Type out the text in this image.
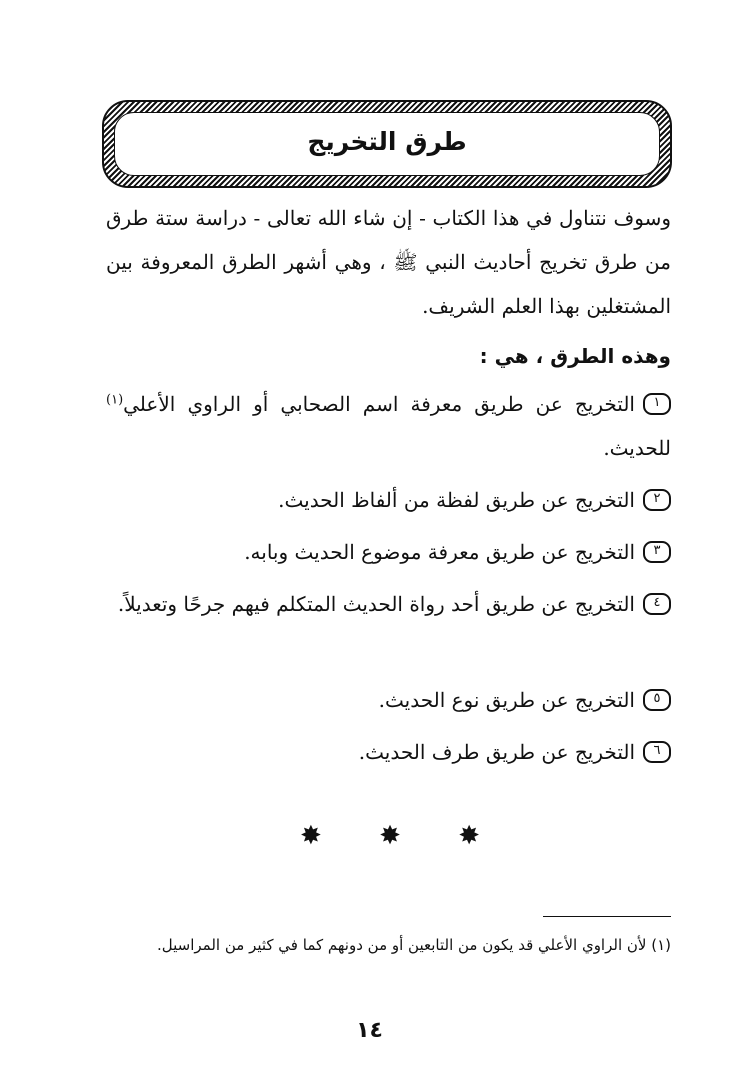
طرق التخريج

وسوف نتناول في هذا الكتاب - إن شاء الله تعالى - دراسة ستة طرق من طرق تخريج أحاديث النبي ﷺ ، وهي أشهر الطرق المعروفة بين المشتغلين بهذا العلم الشريف.

وهذه الطرق ، هي :
١التخريج عن طريق معرفة اسم الصحابي أو الراوي الأعلي$^{(١)}$ للحديث.
٢التخريج عن طريق لفظة من ألفاظ الحديث.
٣التخريج عن طريق معرفة موضوع الحديث وبابه.
٤التخريج عن طريق أحد رواة الحديث المتكلم فيهم جرحًا وتعديلاً.
٥التخريج عن طريق نوع الحديث.
٦التخريج عن طريق طرف الحديث.
✸
✸
✸
(١) لأن الراوي الأعلي قد يكون من التابعين أو من دونهم كما في كثير من المراسيل.
١٤
